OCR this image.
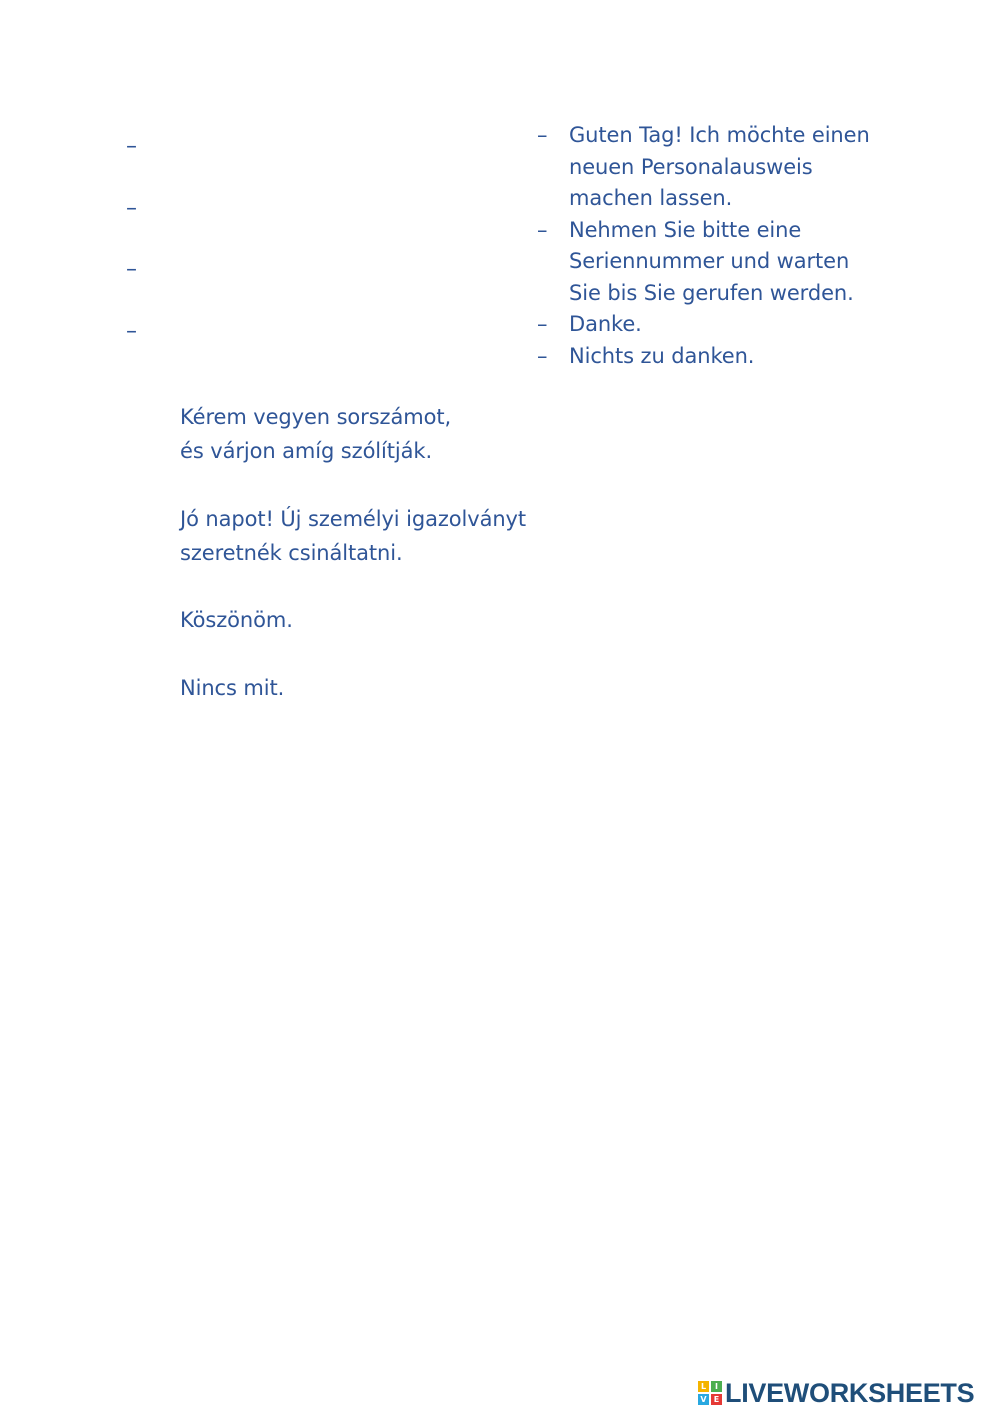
–
–
–
–
– Guten Tag! Ich möchte einen
neuen Personalausweis
machen lassen.
– Nehmen Sie bitte eine
Seriennummer und warten
Sie bis Sie gerufen werden.
– Danke.
– Nichts zu danken.
Kérem vegyen sorszámot,
és várjon amíg szólítják.
Jó napot! Új személyi igazolványt
szeretnék csináltatni.
Köszönöm.
Nincs mit.
L	I
V E LIVEWORKSHEETS
